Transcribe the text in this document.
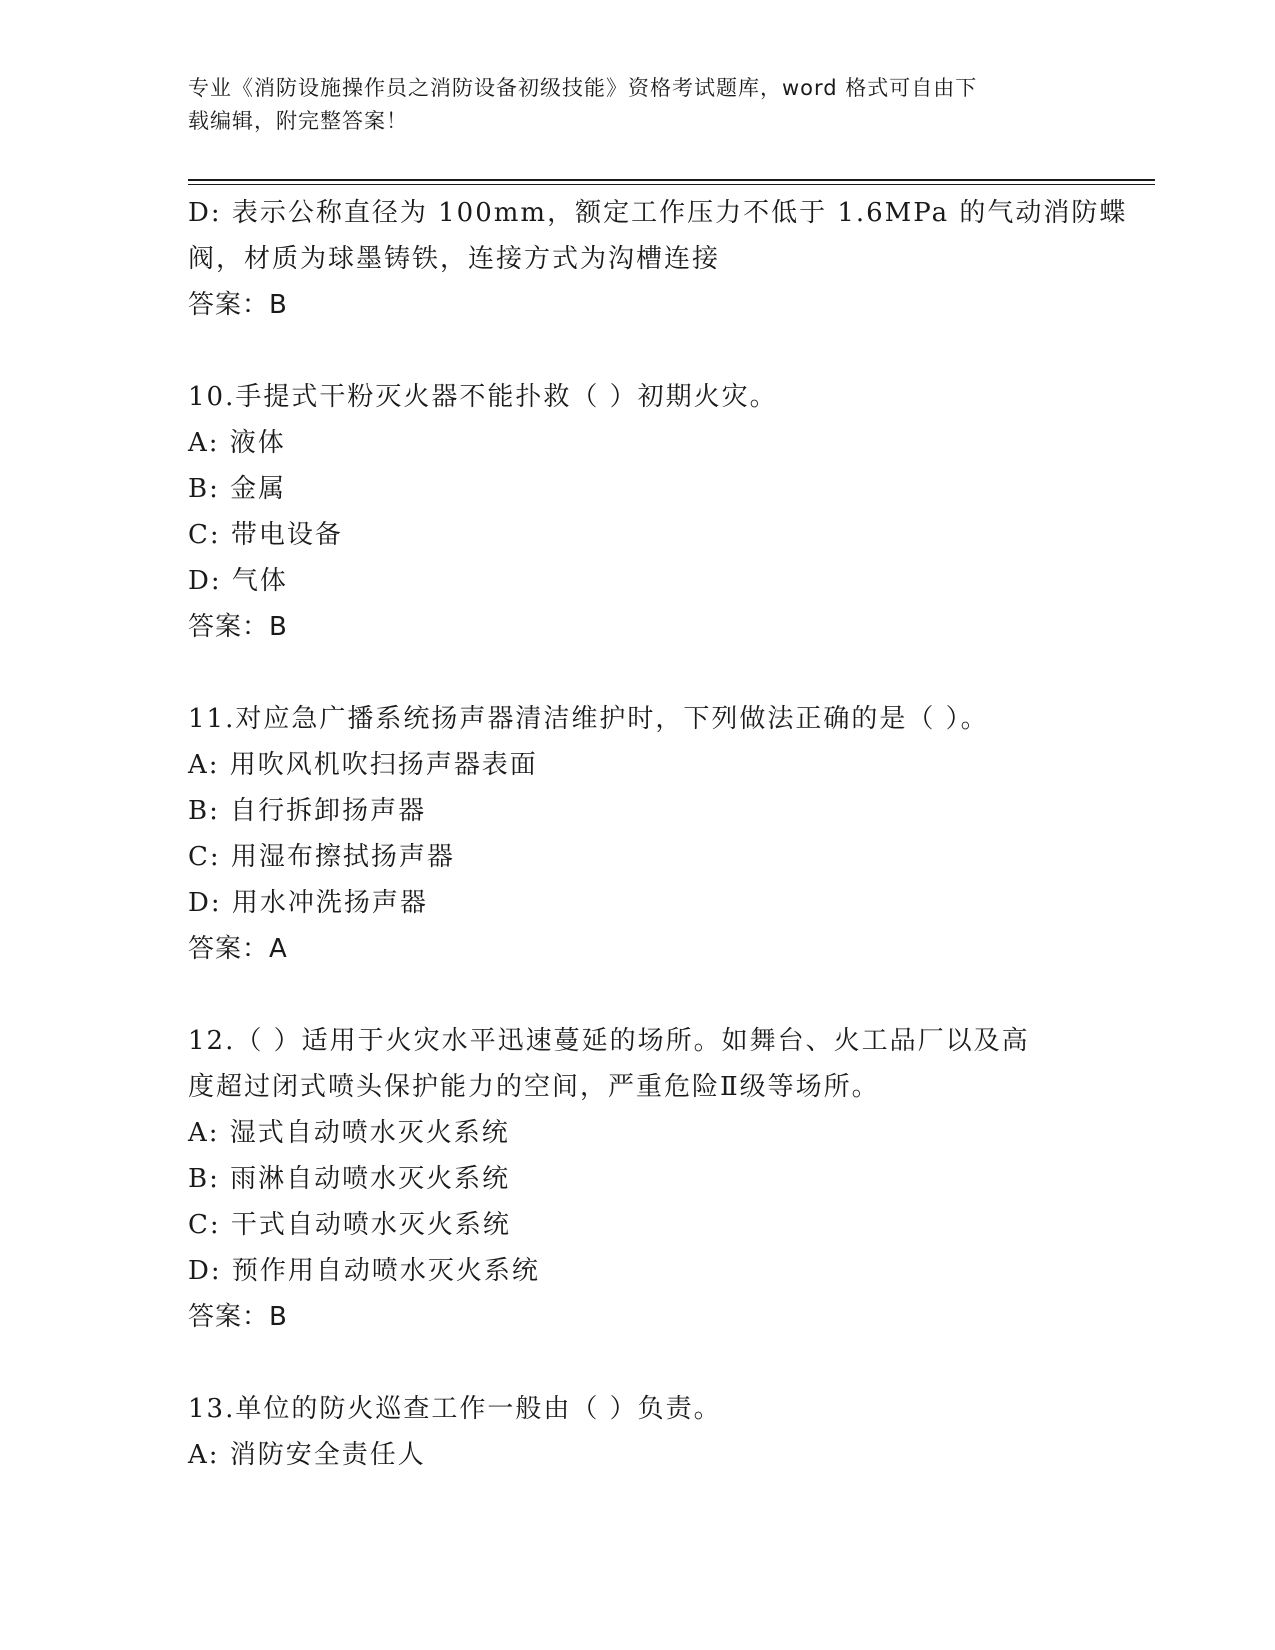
专业《消防设施操作员之消防设备初级技能》资格考试题库，word 格式可自由下
载编辑，附完整答案！
D: 表示公称直径为 100mm，额定工作压力不低于 1.6MPa 的气动消防蝶
阀，材质为球墨铸铁，连接方式为沟槽连接
答案：B
10.手提式干粉灭火器不能扑救（ ）初期火灾。
A: 液体
B: 金属
C: 带电设备
D: 气体
答案：B
11.对应急广播系统扬声器清洁维护时，下列做法正确的是（ ）。
A: 用吹风机吹扫扬声器表面
B: 自行拆卸扬声器
C: 用湿布擦拭扬声器
D: 用水冲洗扬声器
答案：A
12.（ ）适用于火灾水平迅速蔓延的场所。如舞台、火工品厂以及高
度超过闭式喷头保护能力的空间，严重危险Ⅱ级等场所。
A: 湿式自动喷水灭火系统
B: 雨淋自动喷水灭火系统
C: 干式自动喷水灭火系统
D: 预作用自动喷水灭火系统
答案：B
13.单位的防火巡查工作一般由（ ）负责。
A: 消防安全责任人
